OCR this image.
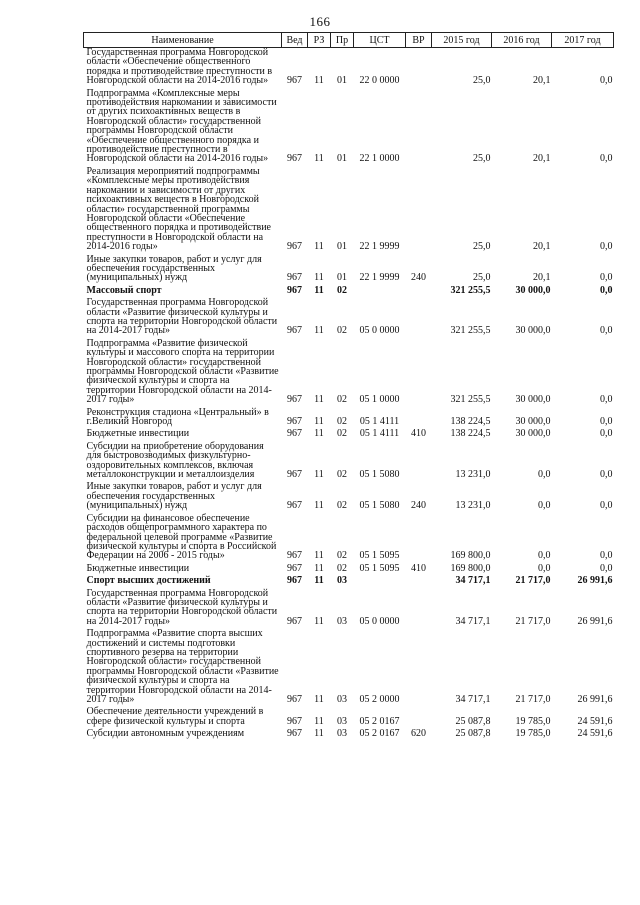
166
Наименование	Вед	РЗ	Пр	ЦСТ	ВР	2015 год	2016 год	2017 год
Государственная программа Новгородской области «Обеспечение общественного порядка и противодействие преступности в Новгородской области на 2014-2016 годы»	967	11	01	22 0 0000		25,0	20,1	0,0
Подпрограмма «Комплексные меры противодействия наркомании и зависимости от других психоактивных веществ в Новгородской области» государственной программы Новгородской области «Обеспечение общественного порядка и противодействие преступности в Новгородской области на 2014-2016 годы»	967	11	01	22 1 0000		25,0	20,1	0,0
Реализация мероприятий подпрограммы «Комплексные меры противодействия наркомании и зависимости от других психоактивных веществ в Новгородской области» государственной программы Новгородской области «Обеспечение общественного порядка и противодействие преступности в Новгородской области на 2014-2016 годы»	967	11	01	22 1 9999		25,0	20,1	0,0
Иные закупки товаров, работ и услуг для обеспечения государственных (муниципальных) нужд	967	11	01	22 1 9999	240	25,0	20,1	0,0
Массовый спорт	967	11	02			321 255,5	30 000,0	0,0
Государственная программа Новгородской области «Развитие физической культуры и спорта на территории Новгородской области на 2014-2017 годы»	967	11	02	05 0 0000		321 255,5	30 000,0	0,0
Подпрограмма «Развитие физической культуры и массового спорта на территории Новгородской области» государственной программы Новгородской области «Развитие физической культуры и спорта на территории Новгородской области на 2014-2017 годы»	967	11	02	05 1 0000		321 255,5	30 000,0	0,0
Реконструкция стадиона «Центральный» в г.Великий Новгород	967	11	02	05 1 4111		138 224,5	30 000,0	0,0
Бюджетные инвестиции	967	11	02	05 1 4111	410	138 224,5	30 000,0	0,0
Субсидии на приобретение оборудования для быстровозводимых физкультурно-оздоровительных комплексов, включая металлоконструкции и металлоизделия	967	11	02	05 1 5080		13 231,0	0,0	0,0
Иные закупки товаров, работ и услуг для обеспечения государственных (муниципальных) нужд	967	11	02	05 1 5080	240	13 231,0	0,0	0,0
Субсидии на финансовое обеспечение расходов общепрограммного характера по федеральной целевой программе «Развитие физической культуры и спорта в Российской Федерации на 2006 - 2015 годы»	967	11	02	05 1 5095		169 800,0	0,0	0,0
Бюджетные инвестиции	967	11	02	05 1 5095	410	169 800,0	0,0	0,0
Спорт высших достижений	967	11	03			34 717,1	21 717,0	26 991,6
Государственная программа Новгородской области «Развитие физической культуры и спорта на территории Новгородской области на 2014-2017 годы»	967	11	03	05 0 0000		34 717,1	21 717,0	26 991,6
Подпрограмма «Развитие спорта высших достижений и системы подготовки спортивного резерва на территории Новгородской области» государственной программы Новгородской области «Развитие физической культуры и спорта на территории Новгородской области на 2014-2017 годы»	967	11	03	05 2 0000		34 717,1	21 717,0	26 991,6
Обеспечение деятельности учреждений в сфере физической культуры и спорта	967	11	03	05 2 0167		25 087,8	19 785,0	24 591,6
Субсидии автономным учреждениям	967	11	03	05 2 0167	620	25 087,8	19 785,0	24 591,6
